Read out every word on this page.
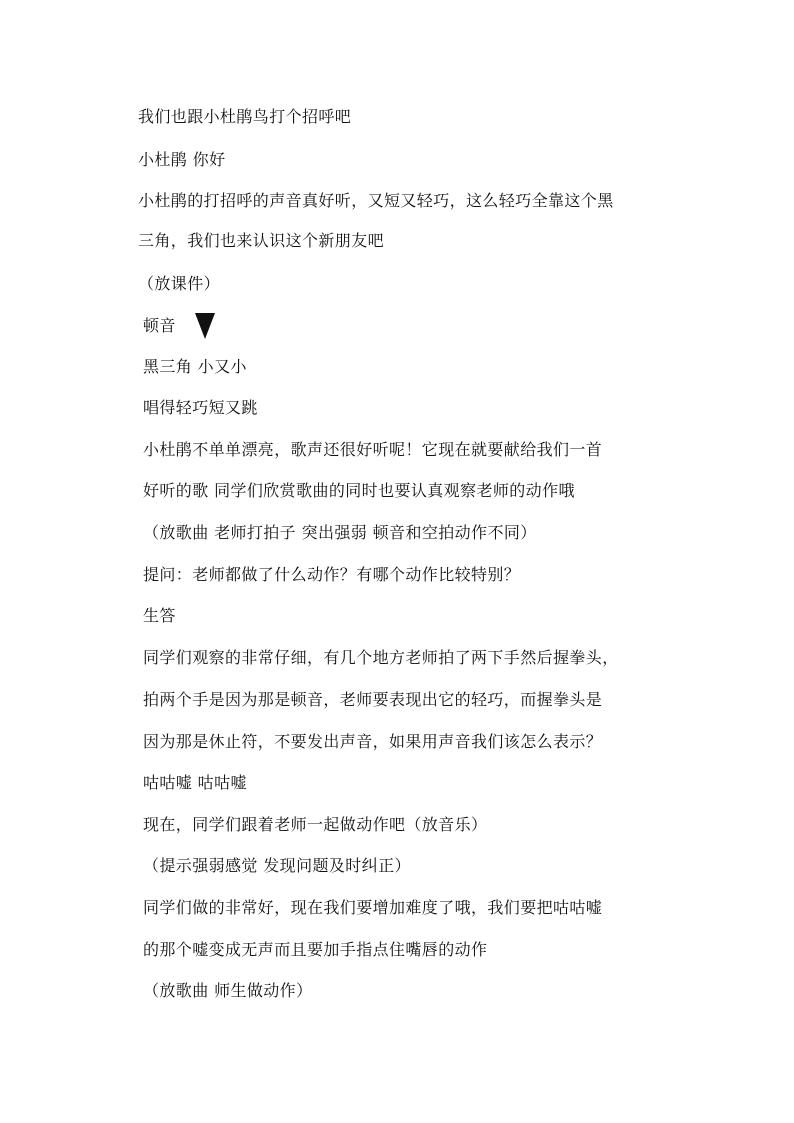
我们也跟小杜鹃鸟打个招呼吧
小杜鹃 你好
小杜鹃的打招呼的声音真好听，又短又轻巧，这么轻巧全靠这个黑
三角，我们也来认识这个新朋友吧
（放课件）
顿音
黑三角 小又小
唱得轻巧短又跳
小杜鹃不单单漂亮，歌声还很好听呢！它现在就要献给我们一首
好听的歌 同学们欣赏歌曲的同时也要认真观察老师的动作哦
（放歌曲 老师打拍子 突出强弱 顿音和空拍动作不同）
提问：老师都做了什么动作？有哪个动作比较特别？
生答
同学们观察的非常仔细，有几个地方老师拍了两下手然后握拳头，
拍两个手是因为那是顿音，老师要表现出它的轻巧，而握拳头是
因为那是休止符，不要发出声音，如果用声音我们该怎么表示？
咕咕嘘 咕咕嘘
现在，同学们跟着老师一起做动作吧（放音乐）
（提示强弱感觉 发现问题及时纠正）
同学们做的非常好，现在我们要增加难度了哦，我们要把咕咕嘘
的那个嘘变成无声而且要加手指点住嘴唇的动作
（放歌曲 师生做动作）
